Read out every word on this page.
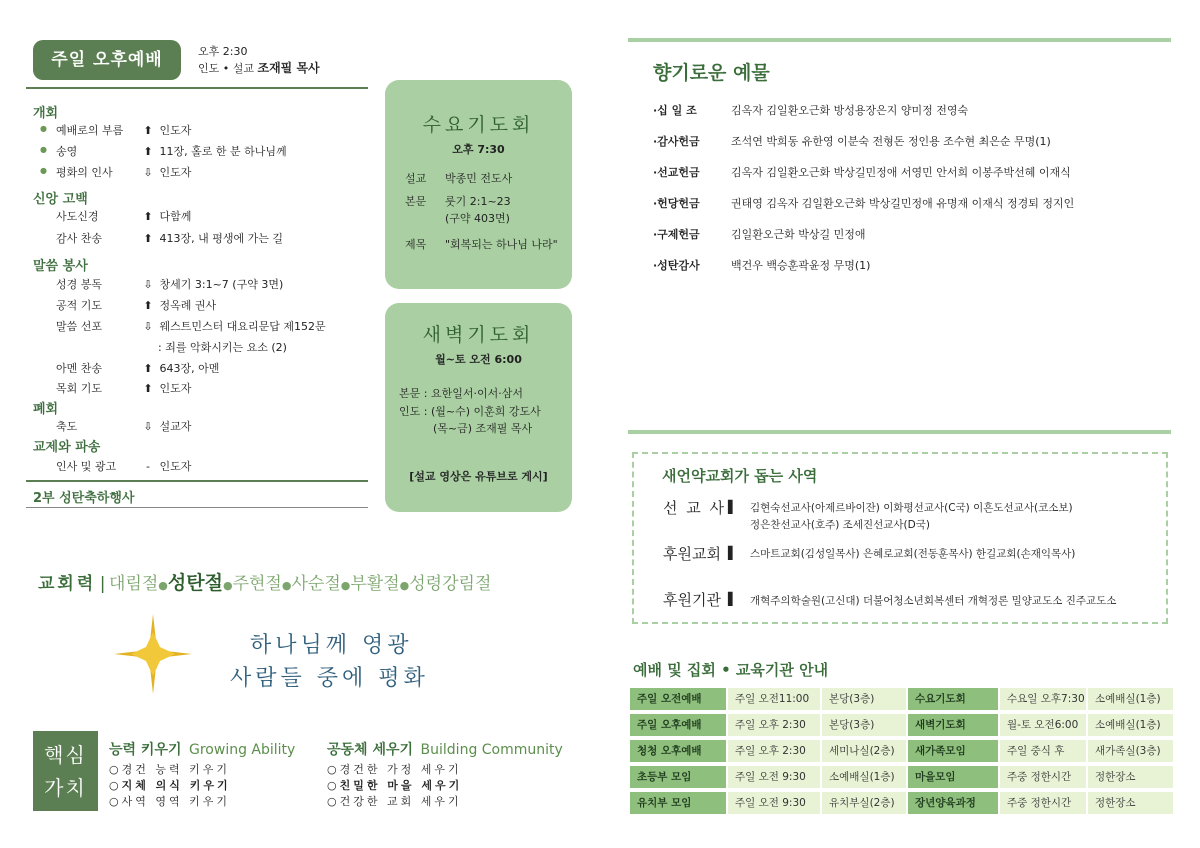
주일 오후예배	오후 2:30
인도 • 설교 조재필 목사
개회
예배로의 부름 ⬆ 인도자
송영	⬆ 11장, 홀로 한 분 하나님께
평화의 인사	⇩ 인도자
신앙 고백
사도신경	⬆ 다함께
감사 찬송	⬆ 413장, 내 평생에 가는 길
말씀 봉사
성경 봉독	⇩ 창세기 3:1~7 (구약 3면)
공적 기도	⬆ 정옥례 권사
말씀 선포	⇩ 웨스트민스터 대요리문답 제152문
: 죄를 악화시키는 요소 (2)
아멘 찬송	⬆ 643장, 아멘
목회 기도	⬆ 인도자
폐회
축도	⇩ 설교자
교제와 파송
인사 및 광고	- 인도자
2부 성탄축하행사
수요기도회
오후 7:30
설교 박종민 전도사
본문 룻기 2:1~23
(구약 403면)
제목 "회복되는 하나님 나라"
새벽기도회
월~토 오전 6:00
본문 : 요한일서·이서·삼서
인도 : (월~수) 이훈희 강도사
(목~금) 조재필 목사
[설교 영상은 유튜브로 게시]
교회력 | 대림절●성탄절●주현절●사순절●부활절●성령강림절
하나님께 영광
사람들 중에 평화
핵심
가치
능력 키우기 Growing Ability
○경건 능력 키우기
○지체 의식 키우기
○사역 영역 키우기
공동체 세우기 Building Community
○경건한 가정 세우기
○친밀한 마을 세우기
○건강한 교회 세우기
향기로운 예물
·십 일 조	김옥자 김일환오근화 방성용장은지 양미정 전영숙
·감사헌금	조석연 박희동 유한영 이분숙 전형돈 정인용 조수현 최은순 무명(1)
·선교헌금	김옥자 김일환오근화 박상길민정애 서영민 안서희 이봉주박선혜 이재식
·헌당헌금	권태영 김옥자 김일환오근화 박상길민정애 유명재 이재식 정경퇴 정지인
·구제헌금	김일환오근화 박상길 민정애
·성탄감사	백건우 백승훈곽윤정 무명(1)
새언약교회가 돕는 사역
선 교 사 ▌ 김현숙선교사(아제르바이잔) 이화평선교사(C국) 이흔도선교사(코소보)
정은찬선교사(호주) 조세진선교사(D국)
후원교회 ▌ 스마트교회(김성일목사) 은혜로교회(전동훈목사) 한길교회(손재익목사)
후원기관 ▌ 개혁주의학술원(고신대) 더불어청소년회복센터 개혁정론 밀양교도소 진주교도소
예배 및 집회 • 교육기관 안내
주일 오전예배	주일 오전11:00	본당(3층)	수요기도회	수요일 오후7:30 소예배실(1층)
주일 오후예배	주일 오후 2:30	본당(3층)	새벽기도회	월-토 오전6:00	소예배실(1층)
청청 오후예배	주일 오후 2:30	세미나실(2층)	새가족모임	주일 중식 후	새가족실(3층)
초등부 모임	주일 오전 9:30	소예배실(1층)	마을모임	주중 정한시간	정한장소
유치부 모임	주일 오전 9:30	유치부실(2층)	장년양육과정	주중 정한시간	정한장소
